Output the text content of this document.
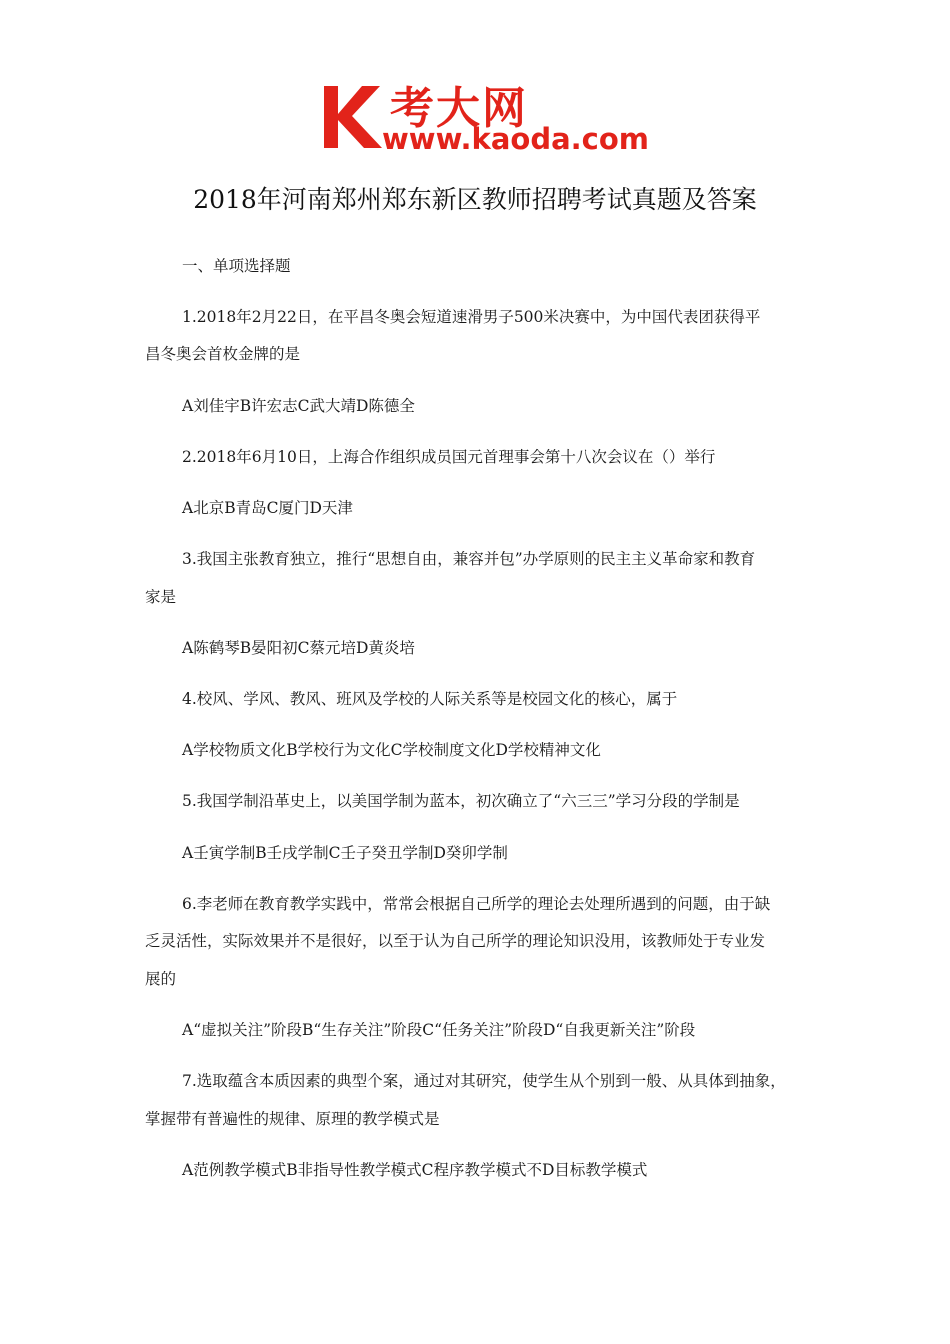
考大网
www.kaoda.com
2018年河南郑州郑东新区教师招聘考试真题及答案
一、单项选择题
1.2018年2月22日，在平昌冬奥会短道速滑男子500米决赛中，为中国代表团获得平
昌冬奥会首枚金牌的是
A刘佳宇B许宏志C武大靖D陈德全
2.2018年6月10日，上海合作组织成员国元首理事会第十八次会议在（）举行
A北京B青岛C厦门D天津
3.我国主张教育独立，推行“思想自由，兼容并包”办学原则的民主主义革命家和教育
家是
A陈鹤琴B晏阳初C蔡元培D黄炎培
4.校风、学风、教风、班风及学校的人际关系等是校园文化的核心，属于
A学校物质文化B学校行为文化C学校制度文化D学校精神文化
5.我国学制沿革史上，以美国学制为蓝本，初次确立了“六三三”学习分段的学制是
A壬寅学制B壬戌学制C壬子癸丑学制D癸卯学制
6.李老师在教育教学实践中，常常会根据自己所学的理论去处理所遇到的问题，由于缺
乏灵活性，实际效果并不是很好，以至于认为自己所学的理论知识没用，该教师处于专业发
展的
A“虚拟关注”阶段B“生存关注”阶段C“任务关注”阶段D“自我更新关注”阶段
7.选取蕴含本质因素的典型个案，通过对其研究，使学生从个别到一般、从具体到抽象，
掌握带有普遍性的规律、原理的教学模式是
A范例教学模式B非指导性教学模式C程序教学模式不D目标教学模式
